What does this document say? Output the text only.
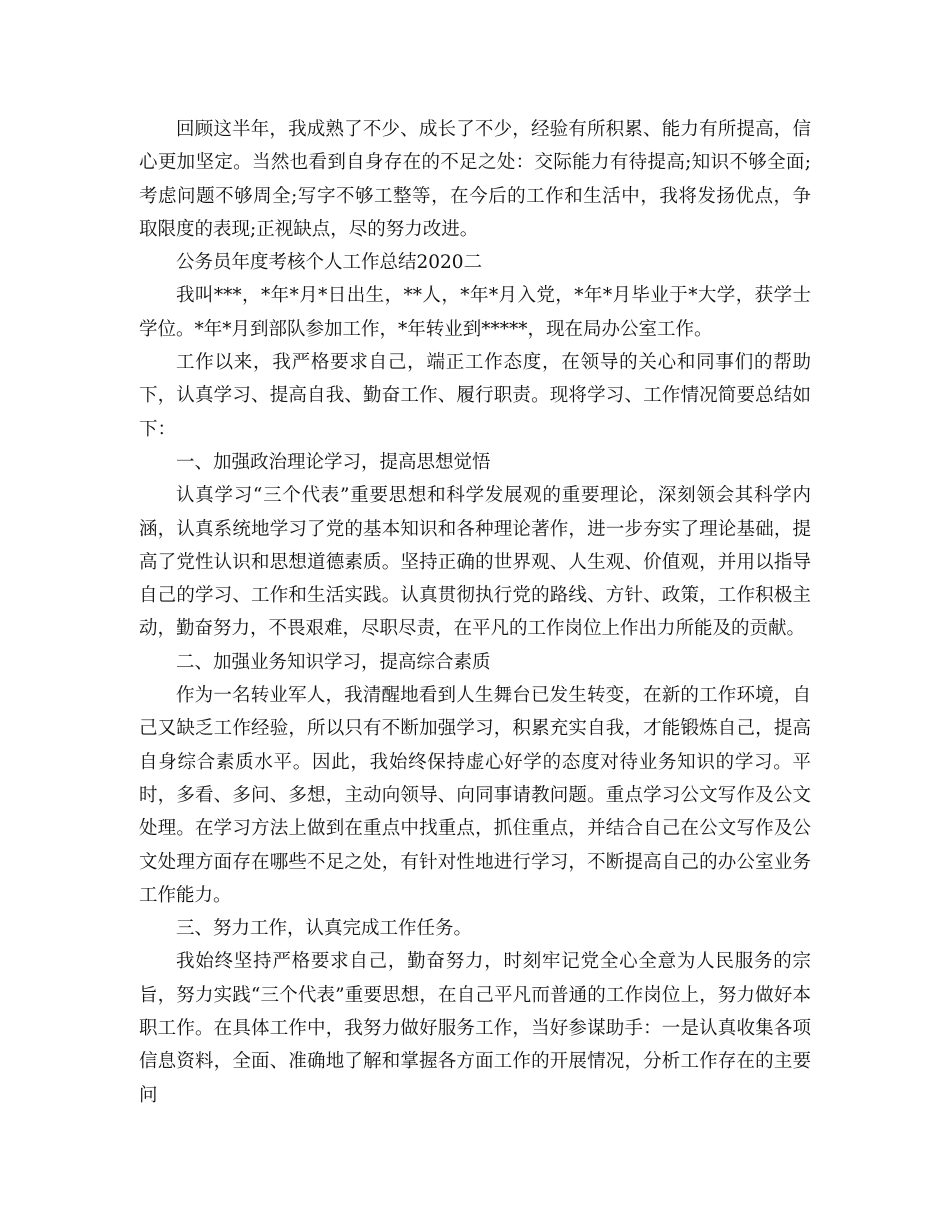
回顾这半年，我成熟了不少、成长了不少，经验有所积累、能力有所提高，信心更加坚定。当然也看到自身存在的不足之处：交际能力有待提高;知识不够全面;考虑问题不够周全;写字不够工整等，在今后的工作和生活中，我将发扬优点，争取限度的表现;正视缺点，尽的努力改进。

公务员年度考核个人工作总结2020二

我叫***，*年*月*日出生，**人，*年*月入党，*年*月毕业于*大学，获学士学位。*年*月到部队参加工作，*年转业到*****，现在局办公室工作。

工作以来，我严格要求自己，端正工作态度，在领导的关心和同事们的帮助下，认真学习、提高自我、勤奋工作、履行职责。现将学习、工作情况简要总结如下：

一、加强政治理论学习，提高思想觉悟

认真学习“三个代表”重要思想和科学发展观的重要理论，深刻领会其科学内涵，认真系统地学习了党的基本知识和各种理论著作，进一步夯实了理论基础，提高了党性认识和思想道德素质。坚持正确的世界观、人生观、价值观，并用以指导自己的学习、工作和生活实践。认真贯彻执行党的路线、方针、政策，工作积极主动，勤奋努力，不畏艰难，尽职尽责，在平凡的工作岗位上作出力所能及的贡献。

二、加强业务知识学习，提高综合素质

作为一名转业军人，我清醒地看到人生舞台已发生转变，在新的工作环境，自己又缺乏工作经验，所以只有不断加强学习，积累充实自我，才能锻炼自己，提高自身综合素质水平。因此，我始终保持虚心好学的态度对待业务知识的学习。平时，多看、多问、多想，主动向领导、向同事请教问题。重点学习公文写作及公文处理。在学习方法上做到在重点中找重点，抓住重点，并结合自己在公文写作及公文处理方面存在哪些不足之处，有针对性地进行学习，不断提高自己的办公室业务工作能力。

三、努力工作，认真完成工作任务。

我始终坚持严格要求自己，勤奋努力，时刻牢记党全心全意为人民服务的宗旨，努力实践“三个代表”重要思想，在自己平凡而普通的工作岗位上，努力做好本职工作。在具体工作中，我努力做好服务工作，当好参谋助手：一是认真收集各项信息资料，全面、准确地了解和掌握各方面工作的开展情况，分析工作存在的主要问
